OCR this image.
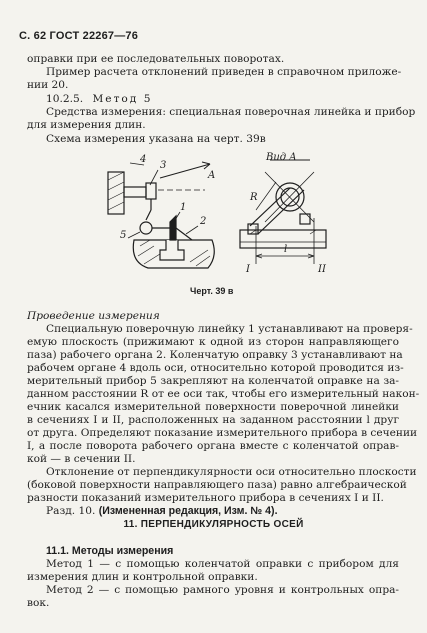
С. 62 ГОСТ 22267—76
оправки при ее последовательных поворотах.
Пример расчета отклонений приведен в справочном приложе-
нии 20.
10.2.5. Метод 5
Средства измерения: специальная поверочная линейка и прибор
для измерения длин.
Схема измерения указана на черт. 39в
4
3
A
1
2
5
Вид A
R
l
I	II
Черт. 39 в
Проведение измерения
Специальную поверочную линейку 1 устанавливают на проверя-
емую плоскость (прижимают к одной из сторон направляющего
паза) рабочего органа 2. Коленчатую оправку 3 устанавливают на
рабочем органе 4 вдоль оси, относительно которой проводится из-
мерительный прибор 5 закрепляют на коленчатой оправке на за-
данном расстоянии R от ее оси так, чтобы его измерительный након-
ечник касался измерительной поверхности поверочной линейки
в сечениях I и II, расположенных на заданном расстоянии l друг
от друга. Определяют показание измерительного прибора в сечении
I, а после поворота рабочего органа вместе с коленчатой оправ-
кой — в сечении II.
Отклонение от перпендикулярности оси относительно плоскости
(боковой поверхности направляющего паза) равно алгебраической
разности показаний измерительного прибора в сечениях I и II.
Разд. 10. (Измененная редакция, Изм. № 4).
11. ПЕРПЕНДИКУЛЯРНОСТЬ ОСЕЙ
11.1. Методы измерения
Метод 1 — с помощью коленчатой оправки с прибором для
измерения длин и контрольной оправки.
Метод 2 — с помощью рамного уровня и контрольных опра-
вок.
